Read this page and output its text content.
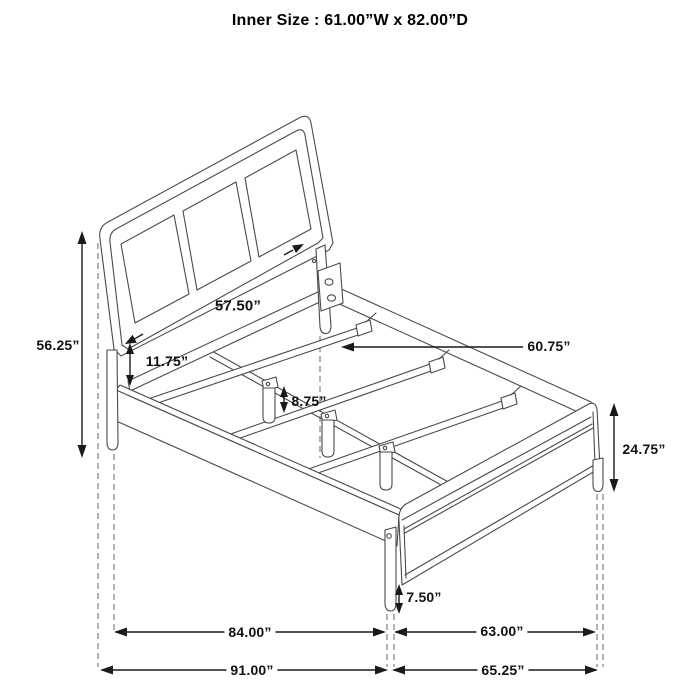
Inner Size : 61.00”W x 82.00”D
57.50”
11.75”
8.75”
60.75”
56.25”
24.75”
7.50”
84.00”	63.00”
91.00”	65.25”
